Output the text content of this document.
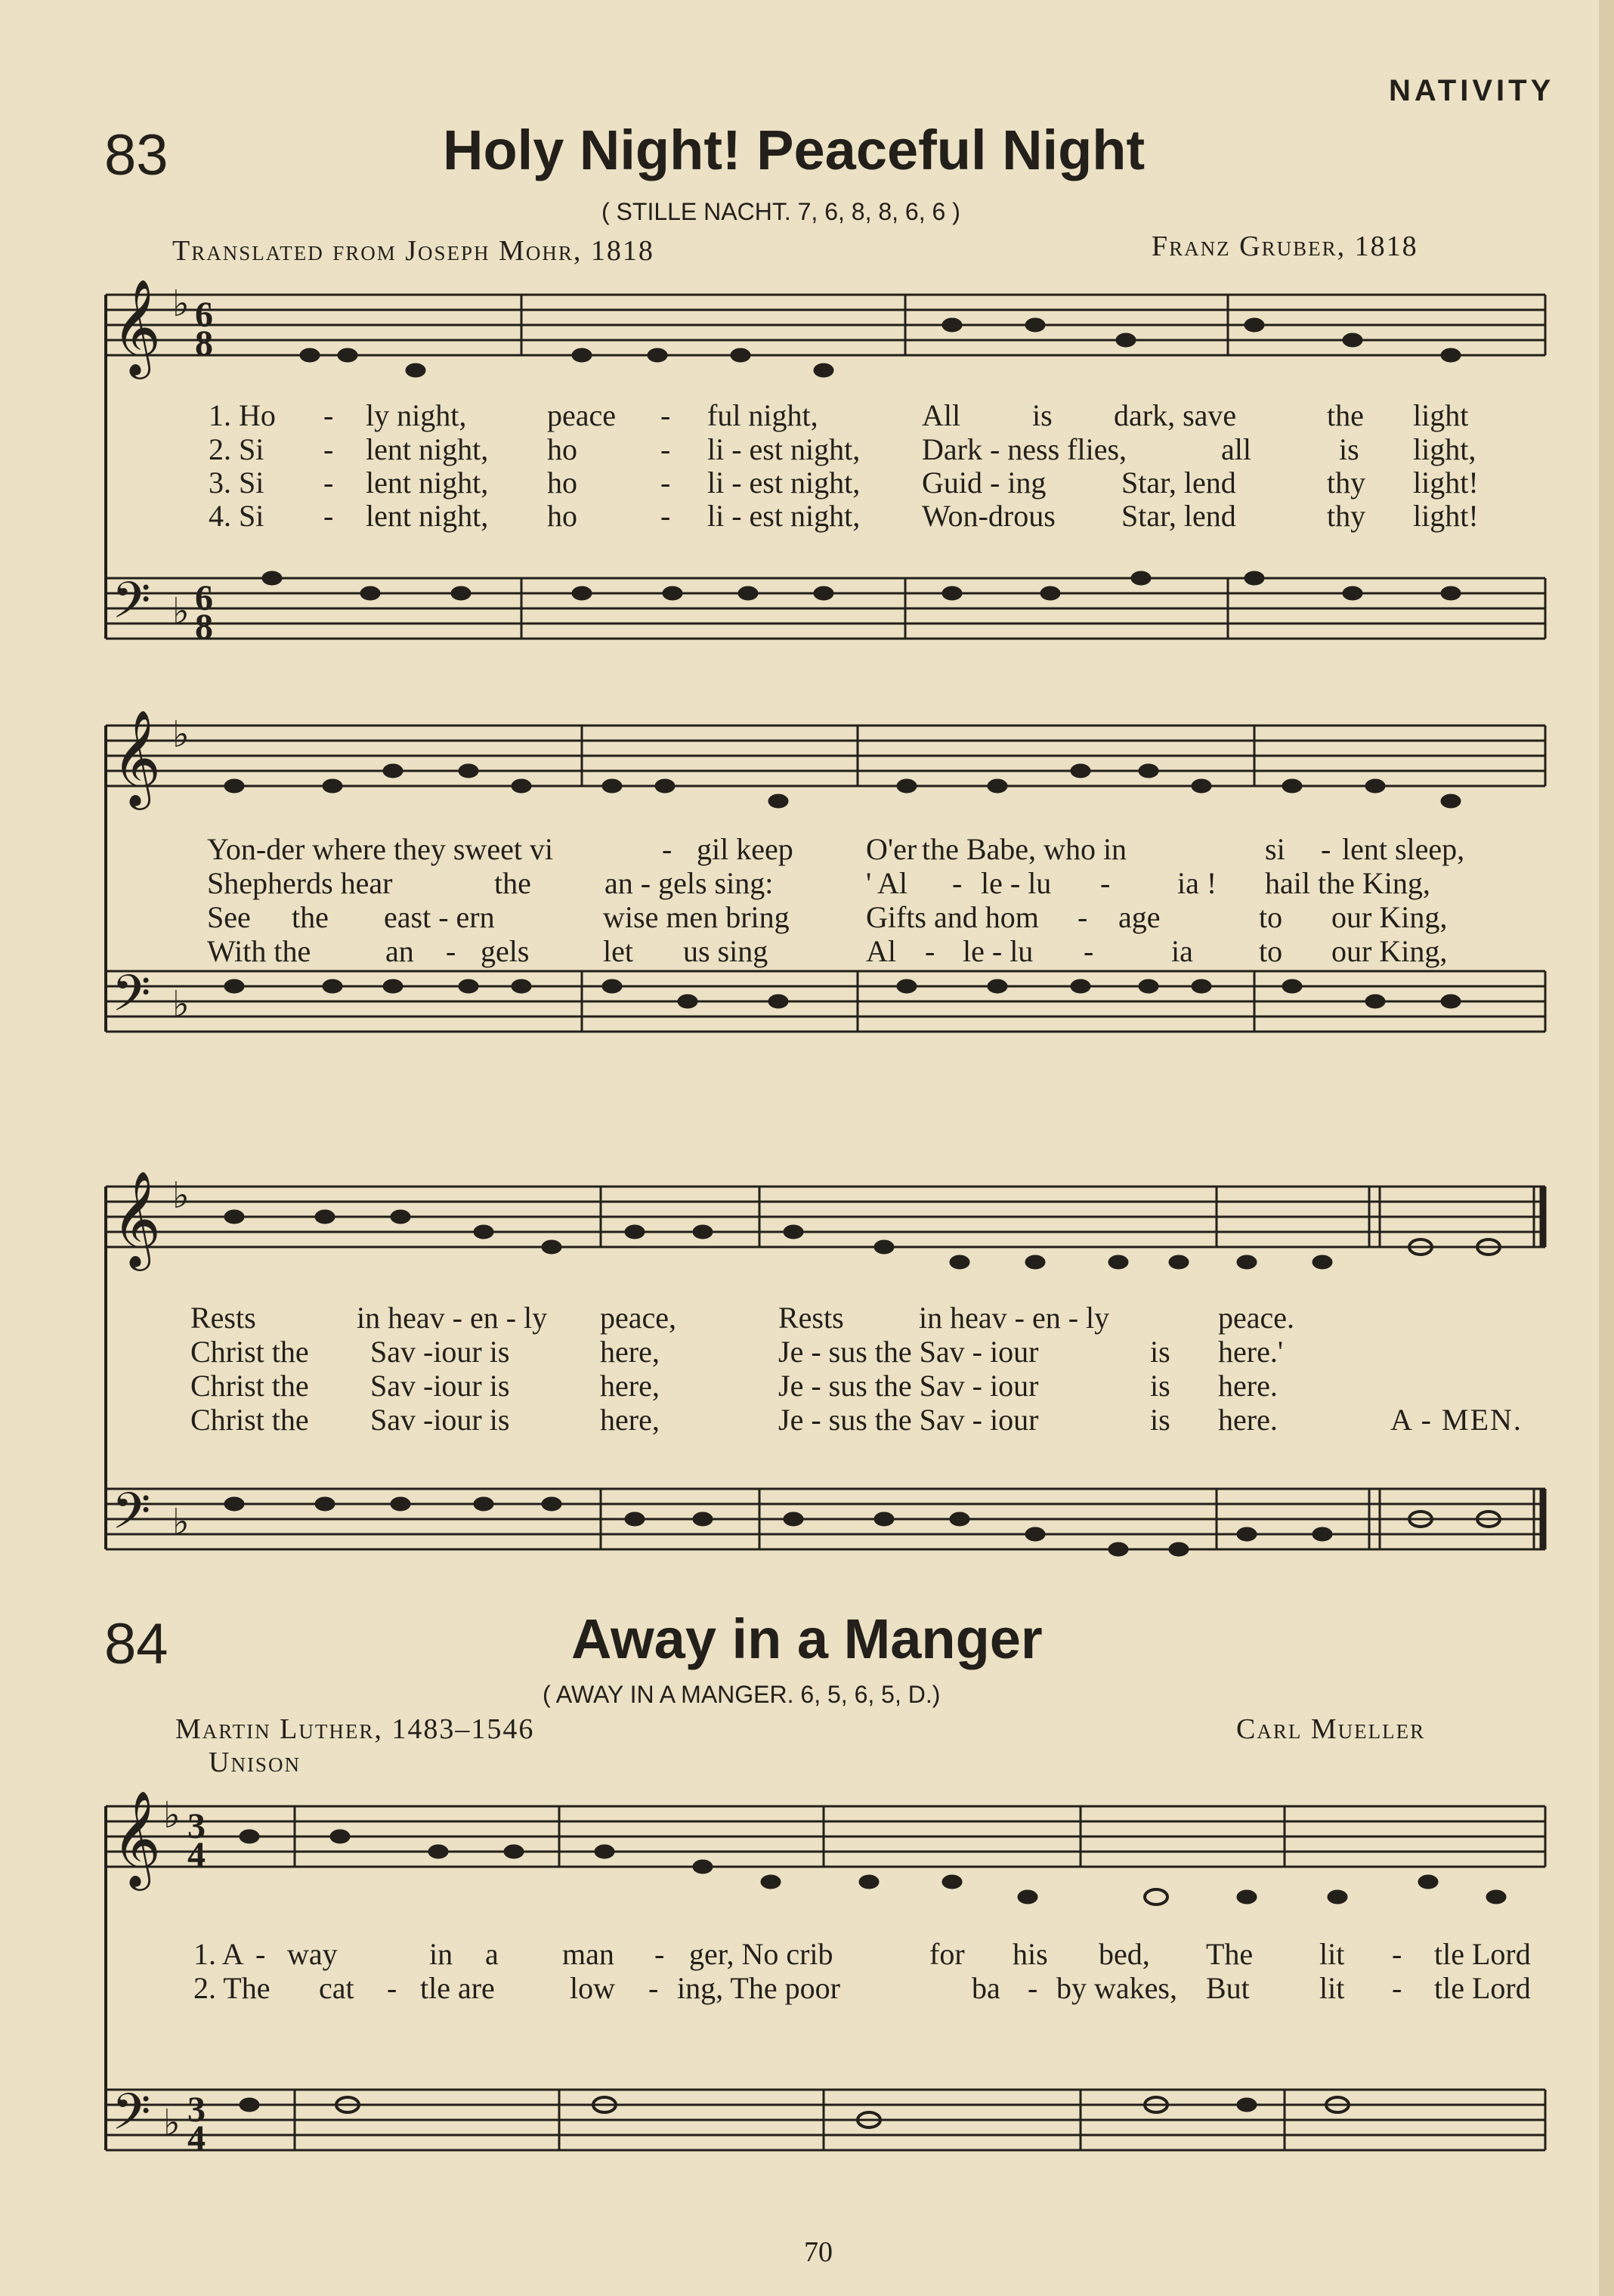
NATIVITY
83	Holy Night! Peaceful Night
( STILLE NACHT. 7, 6, 8, 8, 6, 6 )
Translated from Joseph Mohr, 1818	Franz Gruber, 1818
𝄞
𝄢
♭
♭
6
8
6
8
1. Ho - ly night,	peace - ful night,	All is dark, save	the light
2. Si - lent night, ho	- li - est night, Dark - ness flies,	all	is light,
3. Si - lent night, ho	- li - est night, Guid - ing Star, lend	thy light!
4. Si - lent night, ho	- li - est night, Won-drous Star, lend	thy light!
𝄞
𝄢
♭
♭
Yon-der where they sweet vi	- gil keep O'er the Babe, who in	si - lent sleep,
Shepherds hear	the an - gels sing:	' Al - le - lu - ia ! hail the King,
See the east - ern	wise men bring	Gifts and hom - age	to our King,
With the an - gels let us sing	Al - le - lu -	ia to our King,
𝄞
𝄢
♭
♭
Rests	in heav - en - ly peace,	Rests in heav - en - ly	peace.
Christ the Sav -iour is	here,	Je - sus the Sav - iour	is here.'
Christ the Sav -iour is	here,	Je - sus the Sav - iour	is here.
Christ the Sav -iour is	here,	Je - sus the Sav - iour	is here.	A - MEN.
84	Away in a Manger
( AWAY IN A MANGER. 6, 5, 6, 5, D.)
Martin Luther, 1483–1546	Carl Mueller
Unison
𝄞
𝄢
♭
♭
3
4
3
4
1. A - way	in a man - ger, No crib	for his bed, The lit - tle Lord
2. The cat - tle are low - ing, The poor	ba - by wakes, But lit - tle Lord
70
